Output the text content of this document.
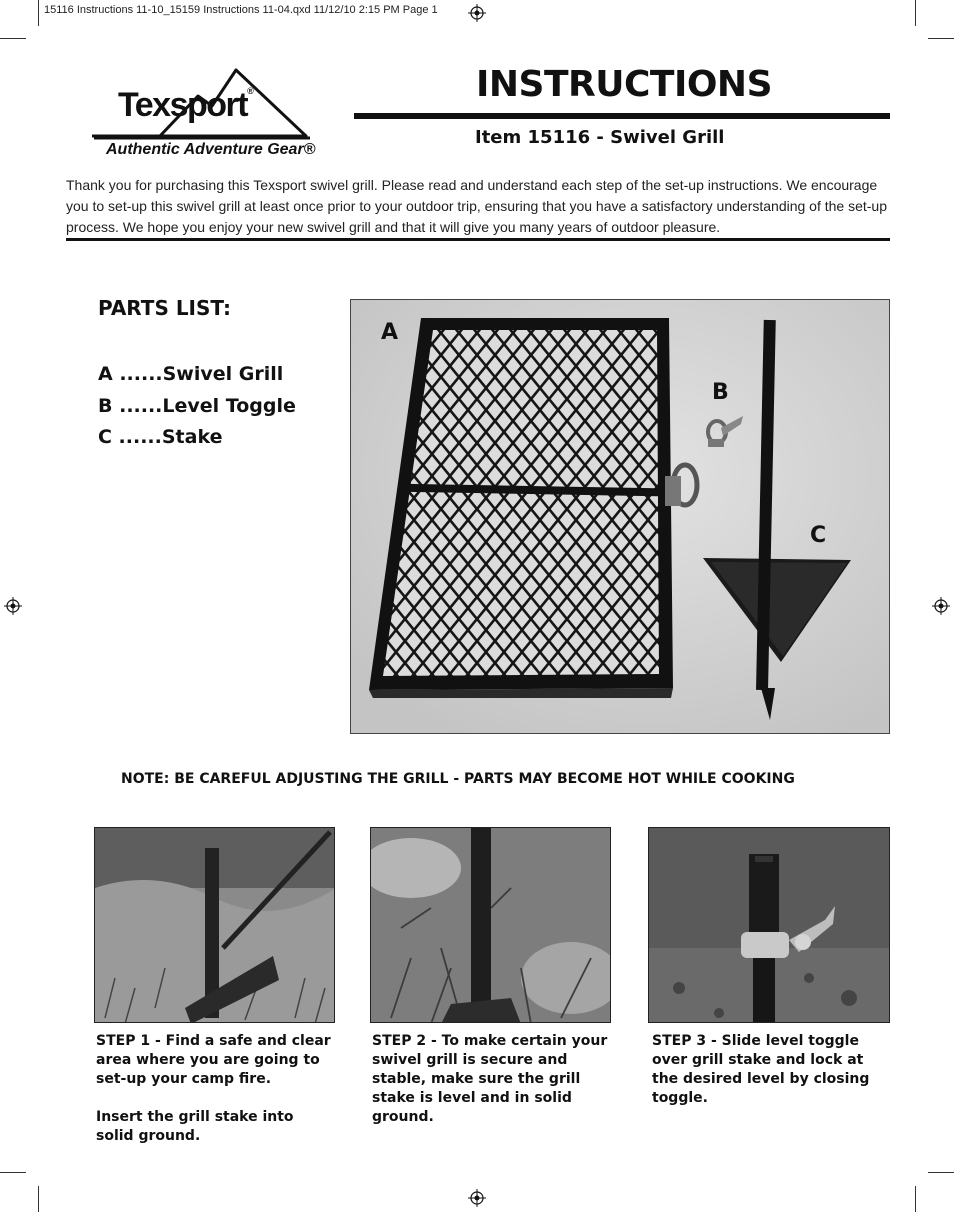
15116 Instructions 11-10_15159 Instructions 11-04.qxd 11/12/10 2:15 PM Page 1
Texsport®
Authentic Adventure Gear®
INSTRUCTIONS
Item 15116 - Swivel Grill
Thank you for purchasing this Texsport swivel grill. Please read and understand each step of the set-up instructions. We encourage you to set-up this swivel grill at least once prior to your outdoor trip, ensuring that you have a satisfactory understanding of the set-up process. We hope you enjoy your new swivel grill and that it will give you many years of outdoor pleasure.
PARTS LIST:
A ......Swivel Grill
B ......Level Toggle
C ......Stake
A
B
C
NOTE: BE CAREFUL ADJUSTING THE GRILL - PARTS MAY BECOME HOT WHILE COOKING

STEP 1 - Find a safe and clear area where you are going to set-up your camp fire.

Insert the grill stake into solid ground.

STEP 2 - To make certain your swivel grill is secure and stable, make sure the grill stake is level and in solid ground.

STEP 3 - Slide level toggle over grill stake and lock at the desired level by closing toggle.
